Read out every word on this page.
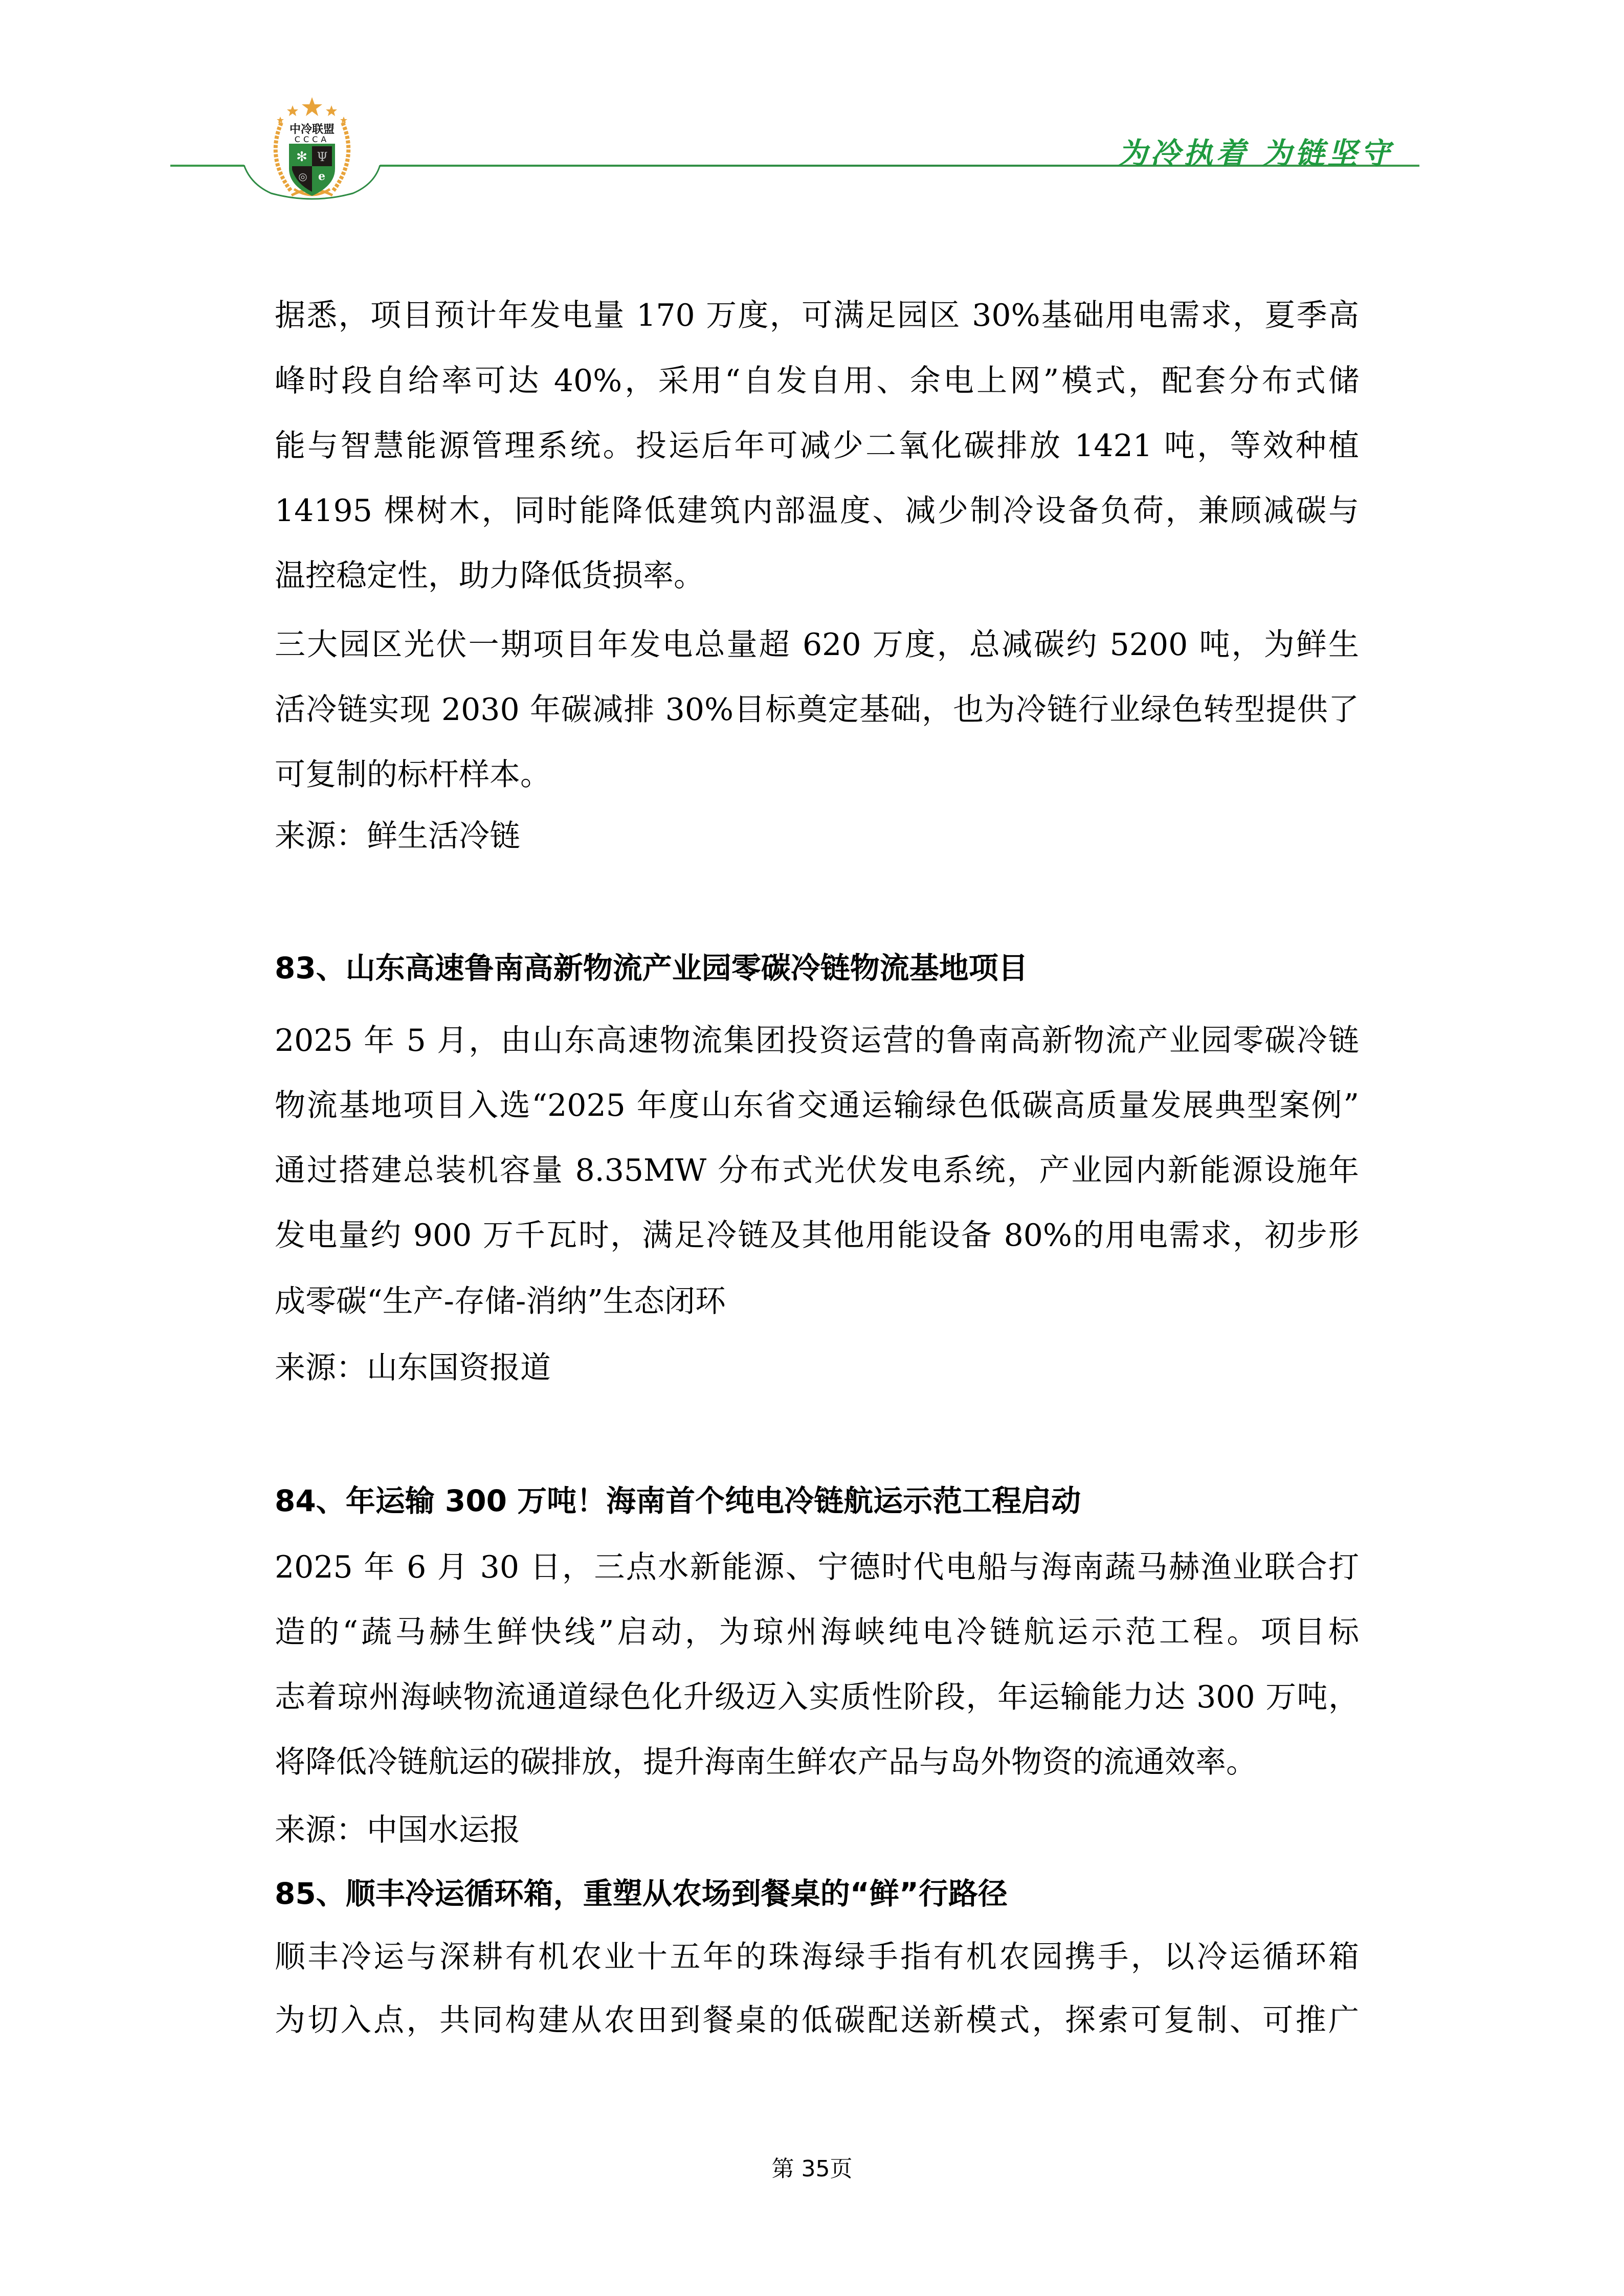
中冷联盟
CCCA
✻ Ψ
◎ e
为冷执着 为链坚守
据悉，项目预计年发电量 170 万度，可满足园区 30%基础用电需求，夏季高
峰时段自给率可达 40%，采用“自发自用、余电上网”模式，配套分布式储
能与智慧能源管理系统。投运后年可减少二氧化碳排放 1421 吨，等效种植
14195 棵树木，同时能降低建筑内部温度、减少制冷设备负荷，兼顾减碳与
温控稳定性，助力降低货损率。
三大园区光伏一期项目年发电总量超 620 万度，总减碳约 5200 吨，为鲜生
活冷链实现 2030 年碳减排 30%目标奠定基础，也为冷链行业绿色转型提供了
可复制的标杆样本。
来源：鲜生活冷链
83、山东高速鲁南高新物流产业园零碳冷链物流基地项目
2025 年 5 月，由山东高速物流集团投资运营的鲁南高新物流产业园零碳冷链
物流基地项目入选“2025 年度山东省交通运输绿色低碳高质量发展典型案例”
通过搭建总装机容量 8.35MW 分布式光伏发电系统，产业园内新能源设施年
发电量约 900 万千瓦时，满足冷链及其他用能设备 80%的用电需求，初步形
成零碳“生产-存储-消纳”生态闭环
来源：山东国资报道
84、年运输 300 万吨！海南首个纯电冷链航运示范工程启动
2025 年 6 月 30 日，三点水新能源、宁德时代电船与海南蔬马赫渔业联合打
造的“蔬马赫生鲜快线”启动，为琼州海峡纯电冷链航运示范工程。项目标
志着琼州海峡物流通道绿色化升级迈入实质性阶段，年运输能力达 300 万吨，
将降低冷链航运的碳排放，提升海南生鲜农产品与岛外物资的流通效率。
来源：中国水运报
85、顺丰冷运循环箱，重塑从农场到餐桌的“鲜”行路径
顺丰冷运与深耕有机农业十五年的珠海绿手指有机农园携手，以冷运循环箱
为切入点，共同构建从农田到餐桌的低碳配送新模式，探索可复制、可推广
第 35页
